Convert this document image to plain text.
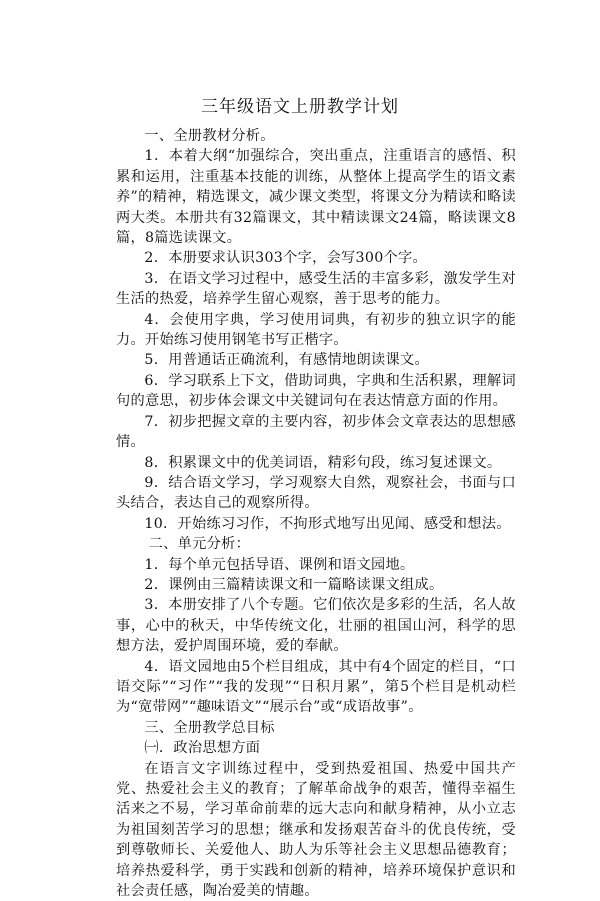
三年级语文上册教学计划

一、全册教材分析。

1．本着大纲“加强综合，突出重点，注重语言的感悟、积累和运用，注重基本技能的训练，从整体上提高学生的语文素养”的精神，精选课文，减少课文类型，将课文分为精读和略读两大类。本册共有32篇课文，其中精读课文24篇，略读课文8篇，8篇选读课文。

2．本册要求认识303个字，会写300个字。

3．在语文学习过程中，感受生活的丰富多彩，激发学生对生活的热爱，培养学生留心观察，善于思考的能力。

4．会使用字典，学习使用词典，有初步的独立识字的能力。开始练习使用钢笔书写正楷字。

5．用普通话正确流利，有感情地朗读课文。

6．学习联系上下文，借助词典，字典和生活积累，理解词句的意思，初步体会课文中关键词句在表达情意方面的作用。

7．初步把握文章的主要内容，初步体会文章表达的思想感情。

8．积累课文中的优美词语，精彩句段，练习复述课文。

9．结合语文学习，学习观察大自然，观察社会，书面与口头结合，表达自己的观察所得。

10．开始练习习作，不拘形式地写出见闻、感受和想法。

二、单元分析：

1．每个单元包括导语、课例和语文园地。

2．课例由三篇精读课文和一篇略读课文组成。

3．本册安排了八个专题。它们依次是多彩的生活，名人故事，心中的秋天，中华传统文化，壮丽的祖国山河，科学的思想方法，爱护周围环境，爱的奉献。

4．语文园地由5个栏目组成，其中有4个固定的栏目，“口语交际”“习作”“我的发现”“日积月累”，第5个栏目是机动栏为“宽带网”“趣味语文”“展示台”或“成语故事”。

三、全册教学总目标

㈠．政治思想方面

在语言文字训练过程中，受到热爱祖国、热爱中国共产党、热爱社会主义的教育；了解革命战争的艰苦，懂得幸福生活来之不易，学习革命前辈的远大志向和献身精神，从小立志为祖国刻苦学习的思想；继承和发扬艰苦奋斗的优良传统，受到尊敬师长、关爱他人、助人为乐等社会主义思想品德教育；培养热爱科学，勇于实践和创新的精神，培养环境保护意识和社会责任感，陶冶爱美的情趣。
